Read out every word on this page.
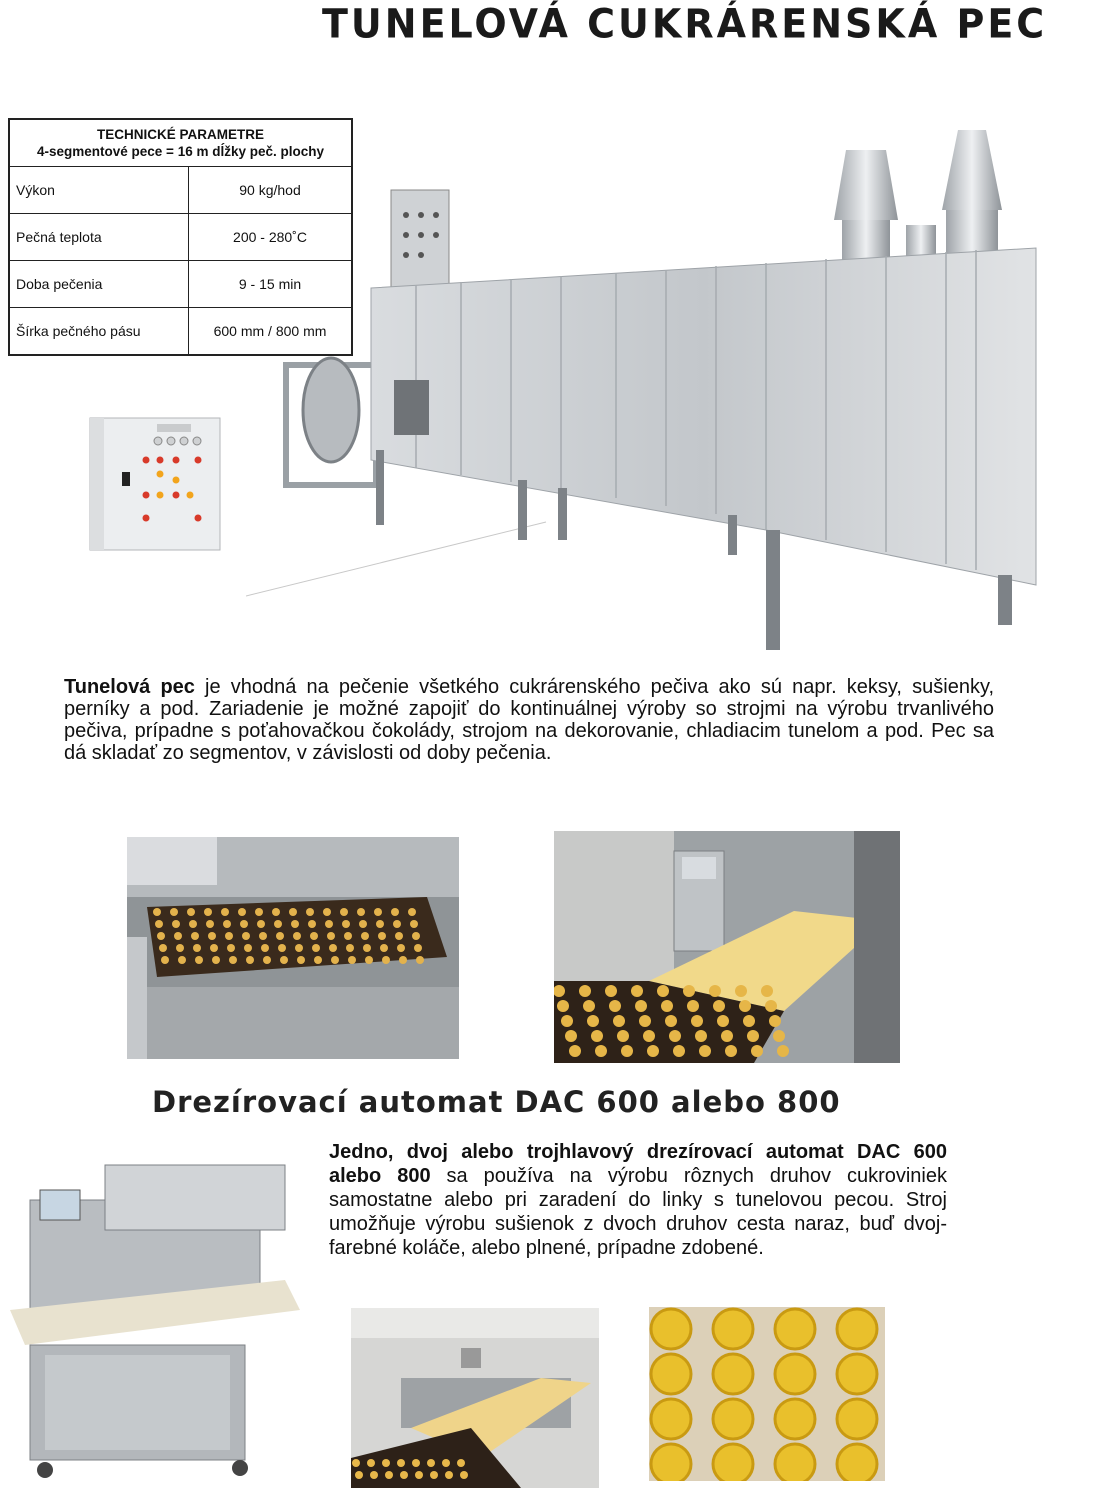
TUNELOVÁ CUKRÁRENSKÁ PEC
TECHNICKÉ PARAMETRE
4-segmentové pece = 16 m dĺžky peč. plochy	
Výkon	90 kg/hod
Pečná teplota	200 - 280˚C
Doba pečenia	9 - 15 min
Šírka pečného pásu	600 mm / 800 mm
Tunelová pec je vhodná na pečenie všetkého cukrárenského pečiva ako sú napr. keksy, sušienky, perníky a pod. Zariadenie je možné zapojiť do kontinuálnej výroby so strojmi na výrobu trvanlivého pečiva, prípadne s poťahovačkou čokolády, strojom na dekorovanie, chladiacim tunelom a pod. Pec sa dá skladať zo segmentov, v závislosti od doby pečenia.
Drezírovací automat DAC 600 alebo 800
Jedno, dvoj alebo trojhlavový drezírovací automat DAC 600 alebo 800 sa používa na výrobu rôznych druhov cukroviniek samostatne alebo pri zaradení do linky s tunelovou pecou. Stroj umožňuje výrobu sušienok z dvoch druhov cesta naraz, buď dvoj-farebné koláče, alebo plnené, prípadne zdobené.
